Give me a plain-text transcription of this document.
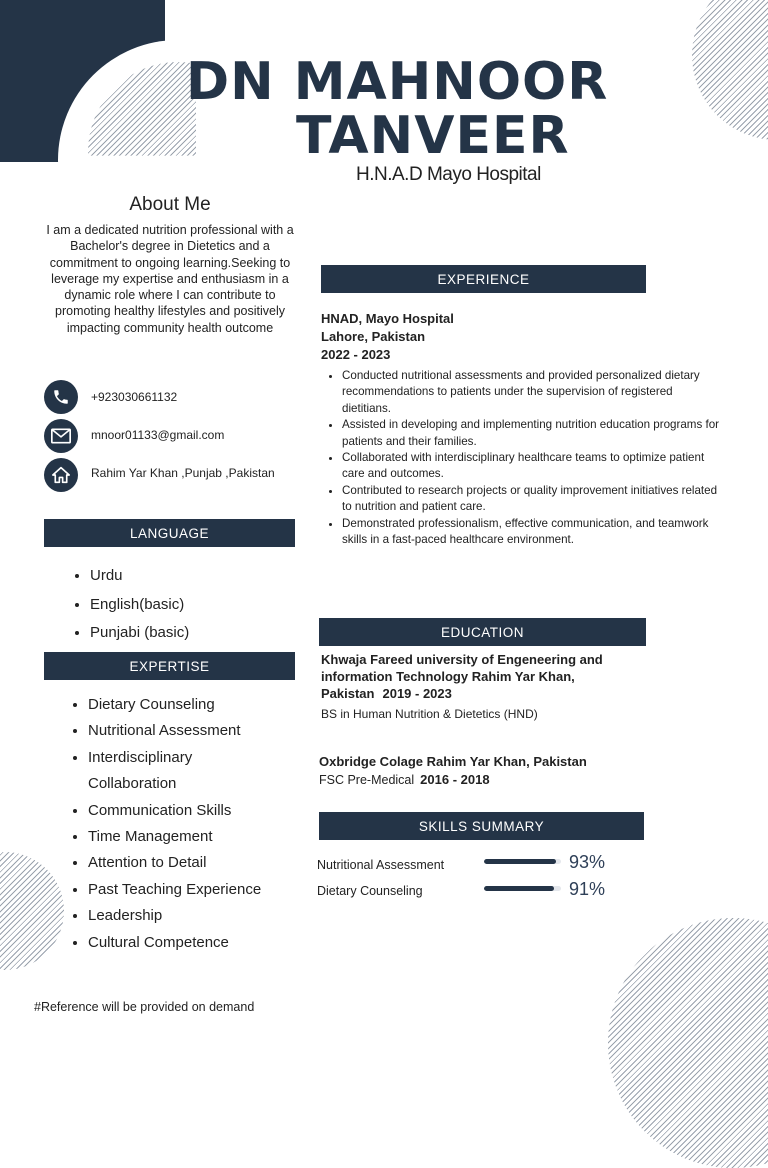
DN MAHNOOR
TANVEER
H.N.A.D Mayo Hospital
About Me

I am a dedicated nutrition professional with a Bachelor's degree in Dietetics and a commitment to ongoing learning.Seeking to leverage my expertise and enthusiasm in a dynamic role where I can contribute to promoting healthy lifestyles and positively impacting community health outcome

+923030661132
mnoor01133@gmail.com
Rahim Yar Khan ,Punjab ,Pakistan
LANGUAGE
• Urdu
• English(basic)
• Punjabi (basic)
EXPERTISE
• Dietary Counseling
• Nutritional Assessment
• Interdisciplinary Collaboration
• Communication Skills
• Time Management
• Attention to Detail
• Past Teaching Experience
• Leadership
• Cultural Competence
EXPERIENCE
HNAD, Mayo Hospital
Lahore, Pakistan
2022 - 2023
• Conducted nutritional assessments and provided personalized dietary recommendations to patients under the supervision of registered dietitians.
• Assisted in developing and implementing nutrition education programs for patients and their families.
• Collaborated with interdisciplinary healthcare teams to optimize patient care and outcomes.
• Contributed to research projects or quality improvement initiatives related to nutrition and patient care.
• Demonstrated professionalism, effective communication, and teamwork skills in a fast-paced healthcare environment.
EDUCATION
Khwaja Fareed university of Engeneering and information Technology Rahim Yar Khan, Pakistan 2019 - 2023
BS in Human Nutrition & Dietetics (HND)
Oxbridge Colage Rahim Yar Khan, Pakistan
FSC Pre-Medical 2016 - 2018
SKILLS SUMMARY
Nutritional Assessment	93%
Dietary Counseling	91%
#Reference will be provided on demand
